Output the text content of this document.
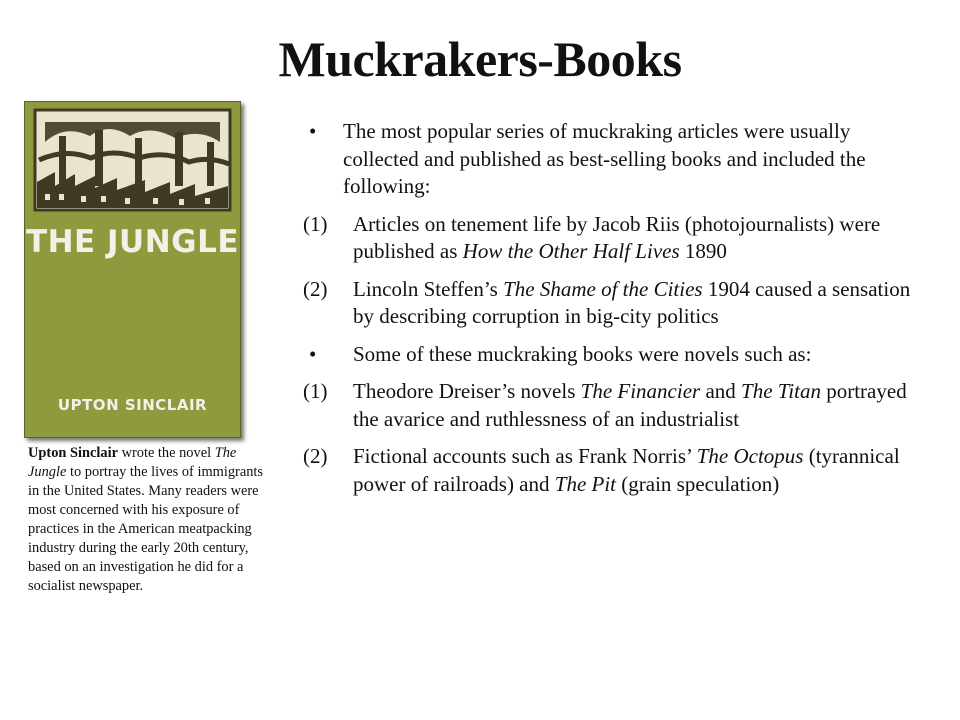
Muckrakers-Books
THE JUNGLE
UPTON SINCLAIR
Upton Sinclair wrote the novel The Jungle to portray the lives of immigrants in the United States. Many readers were most concerned with his exposure of practices in the American meatpacking industry during the early 20th century, based on an investigation he did for a socialist newspaper.
• The most popular series of muckraking articles were usually collected and published as best-selling books and included the following:
(1) Articles on tenement life by Jacob Riis (photojournalists) were published as How the Other Half Lives 1890
(2) Lincoln Steffen’s The Shame of the Cities 1904 caused a sensation by describing corruption in big-city politics
• Some of these muckraking books were novels such as:
(1) Theodore Dreiser’s novels The Financier and The Titan portrayed the avarice and ruthlessness of an industrialist
(2) Fictional accounts such as Frank Norris’ The Octopus (tyrannical power of railroads) and The Pit (grain speculation)
